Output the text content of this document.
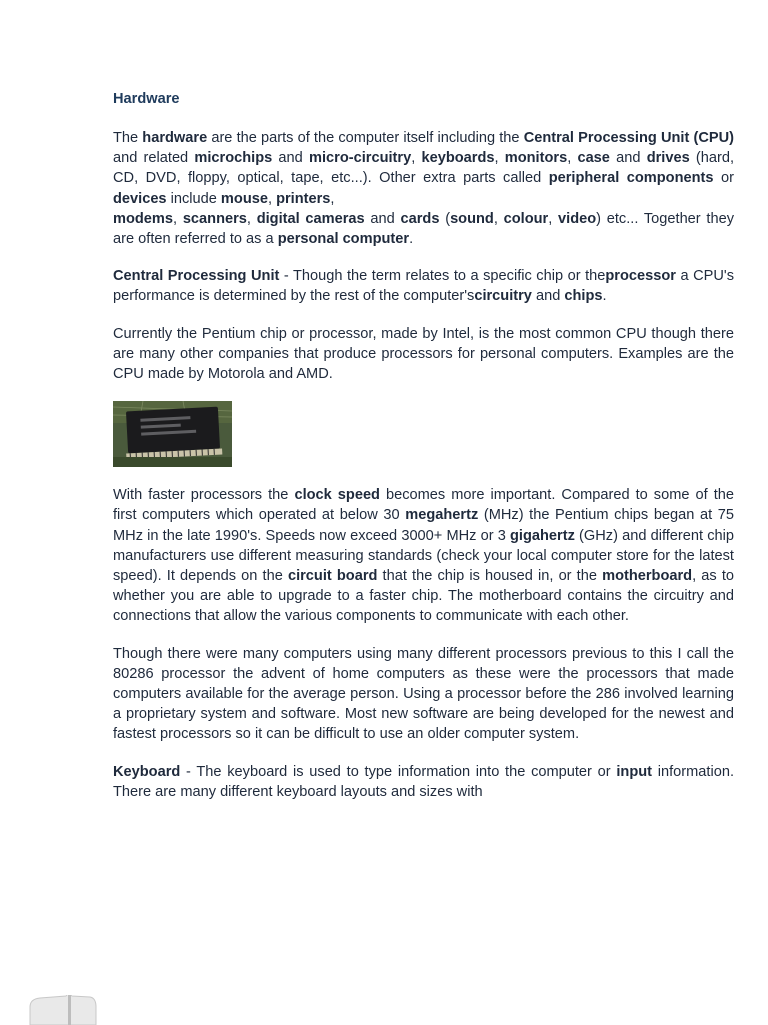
Hardware

The hardware are the parts of the computer itself including the Central Processing Unit (CPU) and related microchips and micro-circuitry, keyboards, monitors, case and drives (hard, CD, DVD, floppy, optical, tape, etc...). Other extra parts called peripheral components or devices include mouse, printers,
modems, scanners, digital cameras and cards (sound, colour, video) etc... Together they are often referred to as a personal computer.

Central Processing Unit - Though the term relates to a specific chip or theprocessor a CPU's performance is determined by the rest of the computer'scircuitry and chips.

Currently the Pentium chip or processor, made by Intel, is the most common CPU though there are many other companies that produce processors for personal computers. Examples are the CPU made by Motorola and AMD.

With faster processors the clock speed becomes more important. Compared to some of the first computers which operated at below 30 megahertz (MHz) the Pentium chips began at 75 MHz in the late 1990's. Speeds now exceed 3000+ MHz or 3 gigahertz (GHz) and different chip manufacturers use different measuring standards (check your local computer store for the latest speed). It depends on the circuit board that the chip is housed in, or the motherboard, as to whether you are able to upgrade to a faster chip. The motherboard contains the circuitry and connections that allow the various components to communicate with each other.

Though there were many computers using many different processors previous to this I call the 80286 processor the advent of home computers as these were the processors that made computers available for the average person. Using a processor before the 286 involved learning a proprietary system and software. Most new software are being developed for the newest and fastest processors so it can be difficult to use an older computer system.

Keyboard - The keyboard is used to type information into the computer or input information. There are many different keyboard layouts and sizes with
